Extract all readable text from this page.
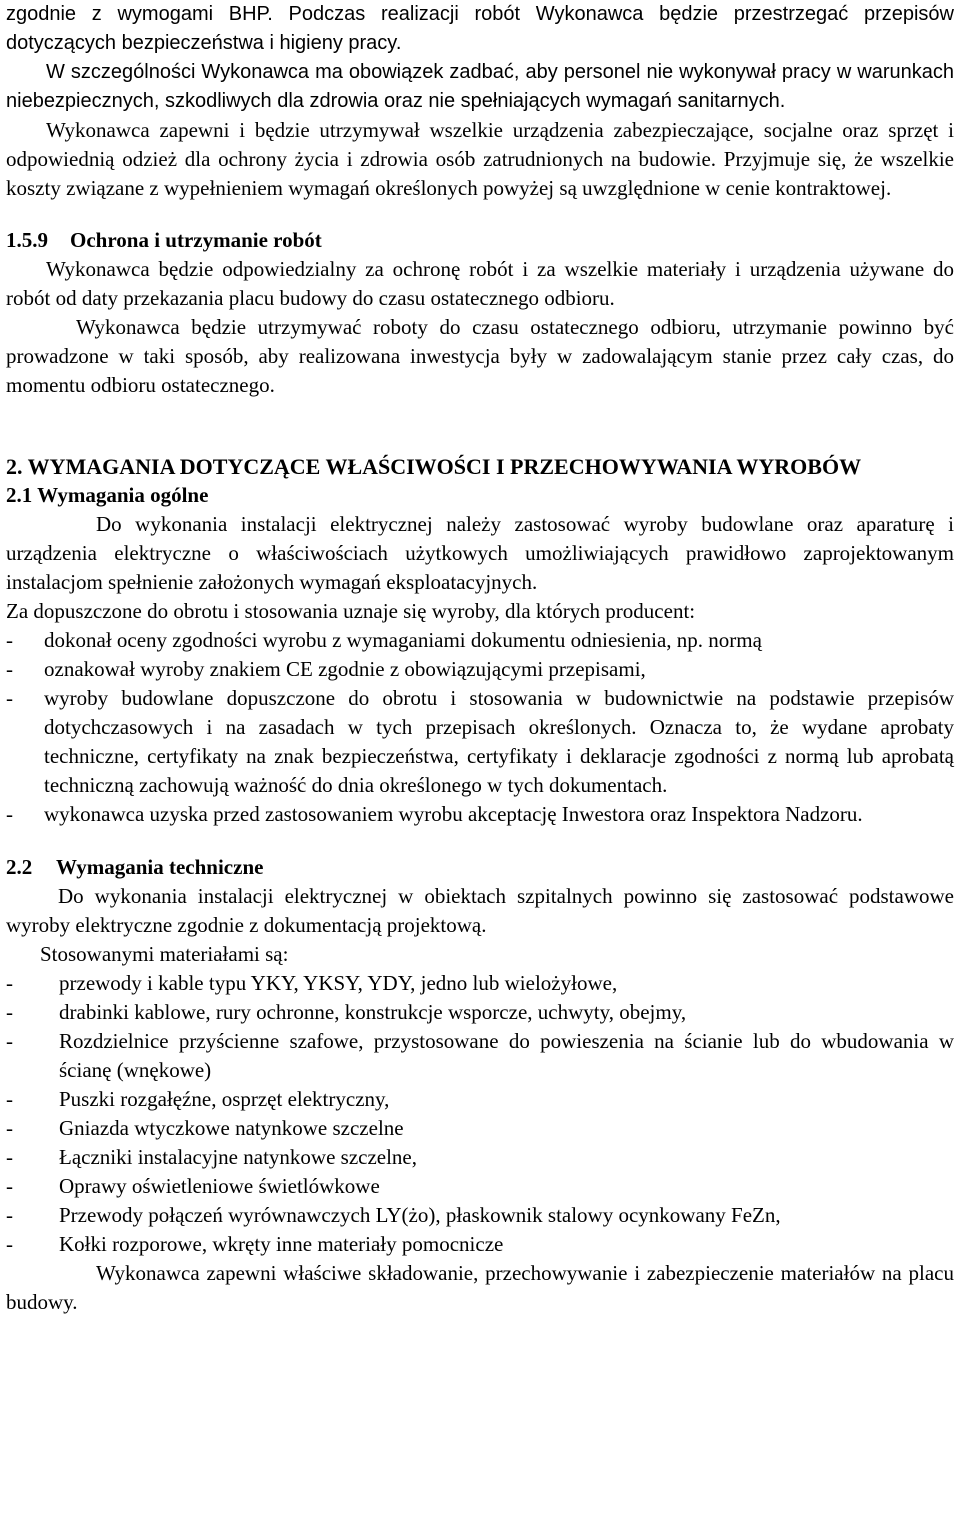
zgodnie z wymogami BHP. Podczas realizacji robót Wykonawca będzie przestrzegać przepisów dotyczących bezpieczeństwa i higieny pracy.

W szczególności Wykonawca ma obowiązek zadbać, aby personel nie wykonywał pracy w warunkach niebezpiecznych, szkodliwych dla zdrowia oraz nie spełniających wymagań sanitarnych.

Wykonawca zapewni i będzie utrzymywał wszelkie urządzenia zabezpieczające, socjalne oraz sprzęt i odpowiednią odzież dla ochrony życia i zdrowia osób zatrudnionych na budowie. Przyjmuje się, że wszelkie koszty związane z wypełnieniem wymagań określonych powyżej są uwzględnione w cenie kontraktowej.

1.5.9 Ochrona i utrzymanie robót

Wykonawca będzie odpowiedzialny za ochronę robót i za wszelkie materiały i urządzenia używane do robót od daty przekazania placu budowy do czasu ostatecznego odbioru.

Wykonawca będzie utrzymywać roboty do czasu ostatecznego odbioru, utrzymanie powinno być prowadzone w taki sposób, aby realizowana inwestycja były w zadowalającym stanie przez cały czas, do momentu odbioru ostatecznego.

2. WYMAGANIA DOTYCZĄCE WŁAŚCIWOŚCI I PRZECHOWYWANIA WYROBÓW

2.1 Wymagania ogólne

Do wykonania instalacji elektrycznej należy zastosować wyroby budowlane oraz aparaturę i urządzenia elektryczne o właściwościach użytkowych umożliwiających prawidłowo zaprojektowanym instalacjom spełnienie założonych wymagań eksploatacyjnych.

Za dopuszczone do obrotu i stosowania uznaje się wyroby, dla których producent:

- dokonał oceny zgodności wyrobu z wymaganiami dokumentu odniesienia, np. normą
- oznakował wyroby znakiem CE zgodnie z obowiązującymi przepisami,
- wyroby budowlane dopuszczone do obrotu i stosowania w budownictwie na podstawie przepisów dotychczasowych i na zasadach w tych przepisach określonych. Oznacza to, że wydane aprobaty techniczne, certyfikaty na znak bezpieczeństwa, certyfikaty i deklaracje zgodności z normą lub aprobatą techniczną zachowują ważność do dnia określonego w tych dokumentach.
- wykonawca uzyska przed zastosowaniem wyrobu akceptację Inwestora oraz Inspektora Nadzoru.

2.2 Wymagania techniczne

Do wykonania instalacji elektrycznej w obiektach szpitalnych powinno się zastosować podstawowe wyroby elektryczne zgodnie z dokumentacją projektową.

Stosowanymi materiałami są:

- przewody i kable typu YKY, YKSY, YDY, jedno lub wielożyłowe,
- drabinki kablowe, rury ochronne, konstrukcje wsporcze, uchwyty, obejmy,
- Rozdzielnice przyścienne szafowe, przystosowane do powieszenia na ścianie lub do wbudowania w ścianę (wnękowe)
- Puszki rozgałęźne, osprzęt elektryczny,
- Gniazda wtyczkowe natynkowe szczelne
- Łączniki instalacyjne natynkowe szczelne,
- Oprawy oświetleniowe świetlówkowe
- Przewody połączeń wyrównawczych LY(żo), płaskownik stalowy ocynkowany FeZn,
- Kołki rozporowe, wkręty inne materiały pomocnicze

Wykonawca zapewni właściwe składowanie, przechowywanie i zabezpieczenie materiałów na placu budowy.
